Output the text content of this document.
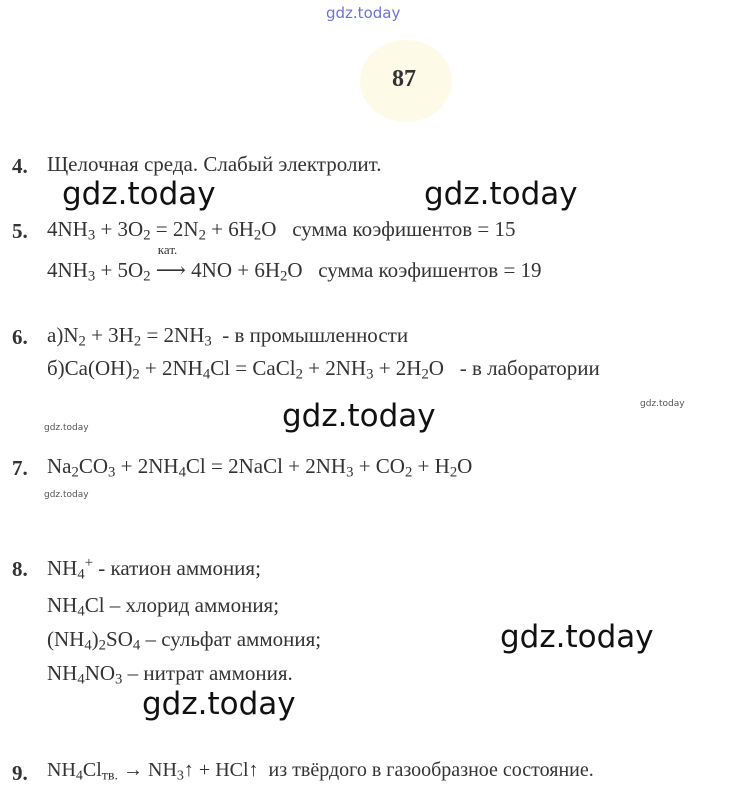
gdz.today
87
4. Щелочная среда. Слабый электролит.
gdz.today	gdz.today
5. $4NH_3 + 3O_2 = 2N_2 + 6H_2O$   сумма коэфишентов = 15
$4NH_3 + 5O_2$
кат.
⟶ $4NO + 6H_2O$   сумма коэфишентов = 19
6. $а)N_2 + 3H_2 = 2NH_3 - в$ промышленности
$б)Ca(OH)_2 + 2NH_4Cl$ = CaCl$_2$ + $2NH_3 + 2H_2O - в$ лаборатории
gdz.today
gdz.today
gdz.today
7. $Na_2CO_3 + 2NH_4Cl$ = 2NaCl + $2NH_3 + CO_2 + H_2O$
gdz.today
8. $NH_4^+$ - катион аммония;
$NH_4Cl$ – хлорид аммония;
$(NH_4)_2SO_4$ – сульфат аммония;
$NH_4NO_3$ – нитрат аммония.
gdz.today
gdz.today
9. $NH_4Cl_{тв.}$ → $NH_3↑$ + HCl↑  из твёрдого в газообразное состояние.
